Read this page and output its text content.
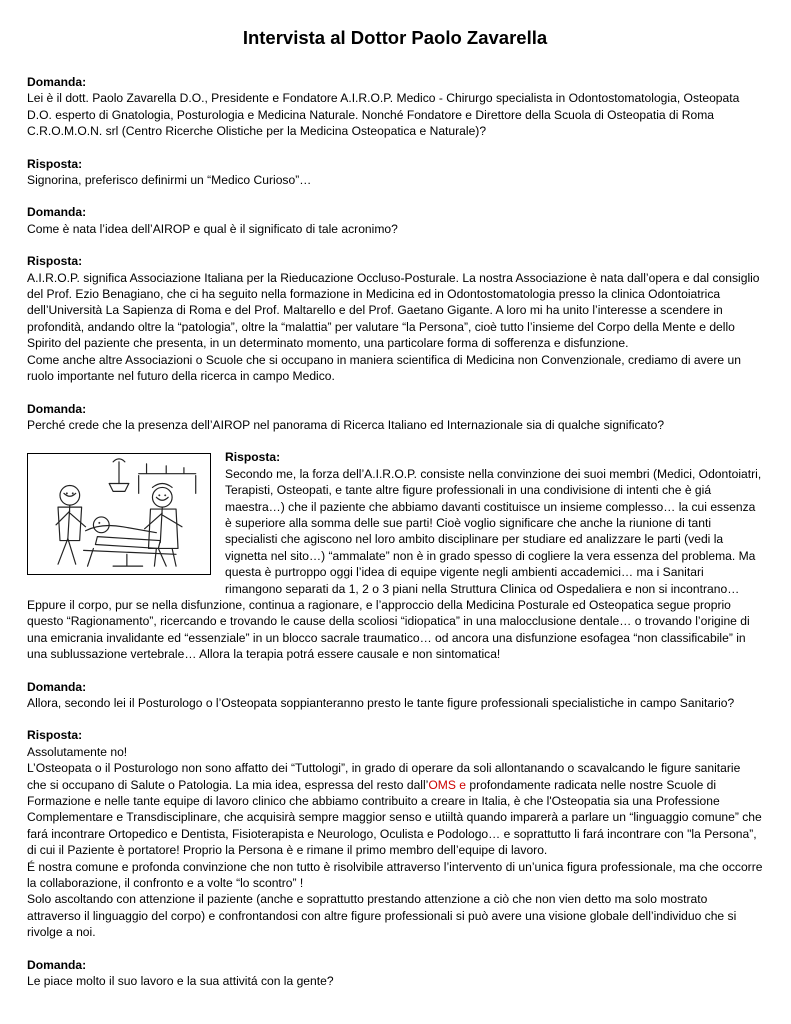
Intervista al Dottor Paolo Zavarella
Domanda:

Lei è il dott. Paolo Zavarella D.O., Presidente e Fondatore A.I.R.O.P. Medico - Chirurgo specialista in Odontostomatologia, Osteopata D.O. esperto di Gnatologia, Posturologia e Medicina Naturale. Nonché Fondatore e Direttore della Scuola di Osteopatia di Roma C.R.O.M.O.N. srl (Centro Ricerche Olistiche per la Medicina Osteopatica e Naturale)?

Risposta:

Signorina, preferisco definirmi un “Medico Curioso”…

Domanda:

Come è nata l’idea dell’AIROP e qual è il significato di tale acronimo?

Risposta:

A.I.R.O.P. significa Associazione Italiana per la Rieducazione Occluso-Posturale. La nostra Associazione è nata dall’opera e dal consiglio del Prof. Ezio Benagiano, che ci ha seguito nella formazione in Medicina ed in Odontostomatologia presso la clinica Odontoiatrica dell’Università La Sapienza di Roma e del Prof. Maltarello e del Prof. Gaetano Gigante. A loro mi ha unito l’interesse a scendere in profondità, andando oltre la “patologia”, oltre la “malattia” per valutare “la Persona”, cioè tutto l’insieme del Corpo della Mente e dello Spirito del paziente che presenta, in un determinato momento, una particolare forma di sofferenza e disfunzione.

Come anche altre Associazioni o Scuole che si occupano in maniera scientifica di Medicina non Convenzionale, crediamo di avere un ruolo importante nel futuro della ricerca in campo Medico.

Domanda:

Perché crede che la presenza dell’AIROP nel panorama di Ricerca Italiano ed Internazionale sia di qualche significato?

Risposta:

Secondo me, la forza dell’A.I.R.O.P. consiste nella convinzione dei suoi membri (Medici, Odontoiatri, Terapisti, Osteopati, e tante altre figure professionali in una condivisione di intenti che è giá maestra…) che il paziente che abbiamo davanti costituisce un insieme complesso… la cui essenza è superiore alla somma delle sue parti! Cioè voglio significare che anche la riunione di tanti specialisti che agiscono nel loro ambito disciplinare per studiare ed analizzare le parti (vedi la vignetta nel sito…) “ammalate” non è in grado spesso di cogliere la vera essenza del problema. Ma questa è purtroppo oggi l’idea di equipe vigente negli ambienti accademici… ma i Sanitari rimangono separati da 1, 2 o 3 piani nella Struttura Clinica od Ospedaliera e non si incontrano…

Eppure il corpo, pur se nella disfunzione, continua a ragionare, e l’approccio della Medicina Posturale ed Osteopatica segue proprio questo “Ragionamento”, ricercando e trovando le cause della scoliosi “idiopatica” in una malocclusione dentale… o trovando l’origine di una emicrania invalidante ed “essenziale” in un blocco sacrale traumatico… od ancora una disfunzione esofagea “non classificabile” in una sublussazione vertebrale… Allora la terapia potrá essere causale e non sintomatica!

Domanda:

Allora, secondo lei il Posturologo o l’Osteopata soppianteranno presto le tante figure professionali specialistiche in campo Sanitario?

Risposta:

Assolutamente no!

L’Osteopata o il Posturologo non sono affatto dei “Tuttologi”, in grado di operare da soli allontanando o scavalcando le figure sanitarie che si occupano di Salute o Patologia. La mia idea, espressa del resto dall’OMS e profondamente radicata nelle nostre Scuole di Formazione e nelle tante equipe di lavoro clinico che abbiamo contribuito a creare in Italia, è che l'Osteopatia sia una Professione Complementare e Transdisciplinare, che acquisirà sempre maggior senso e utiiltà quando imparerà a parlare un “linguaggio comune” che fará incontrare Ortopedico e Dentista, Fisioterapista e Neurologo, Oculista e Podologo… e soprattutto li fará incontrare con "la Persona”, di cui il Paziente è portatore! Proprio la Persona è e rimane il primo membro dell’equipe di lavoro.

É nostra comune e profonda convinzione che non tutto è risolvibile attraverso l’intervento di un’unica figura professionale, ma che occorre la collaborazione, il confronto e a volte “lo scontro” !

Solo ascoltando con attenzione il paziente (anche e soprattutto prestando attenzione a ciò che non vien detto ma solo mostrato attraverso il linguaggio del corpo) e confrontandosi con altre figure professionali si può avere una visione globale dell’individuo che si rivolge a noi.

Domanda:

Le piace molto il suo lavoro e la sua attivitá con la gente?
